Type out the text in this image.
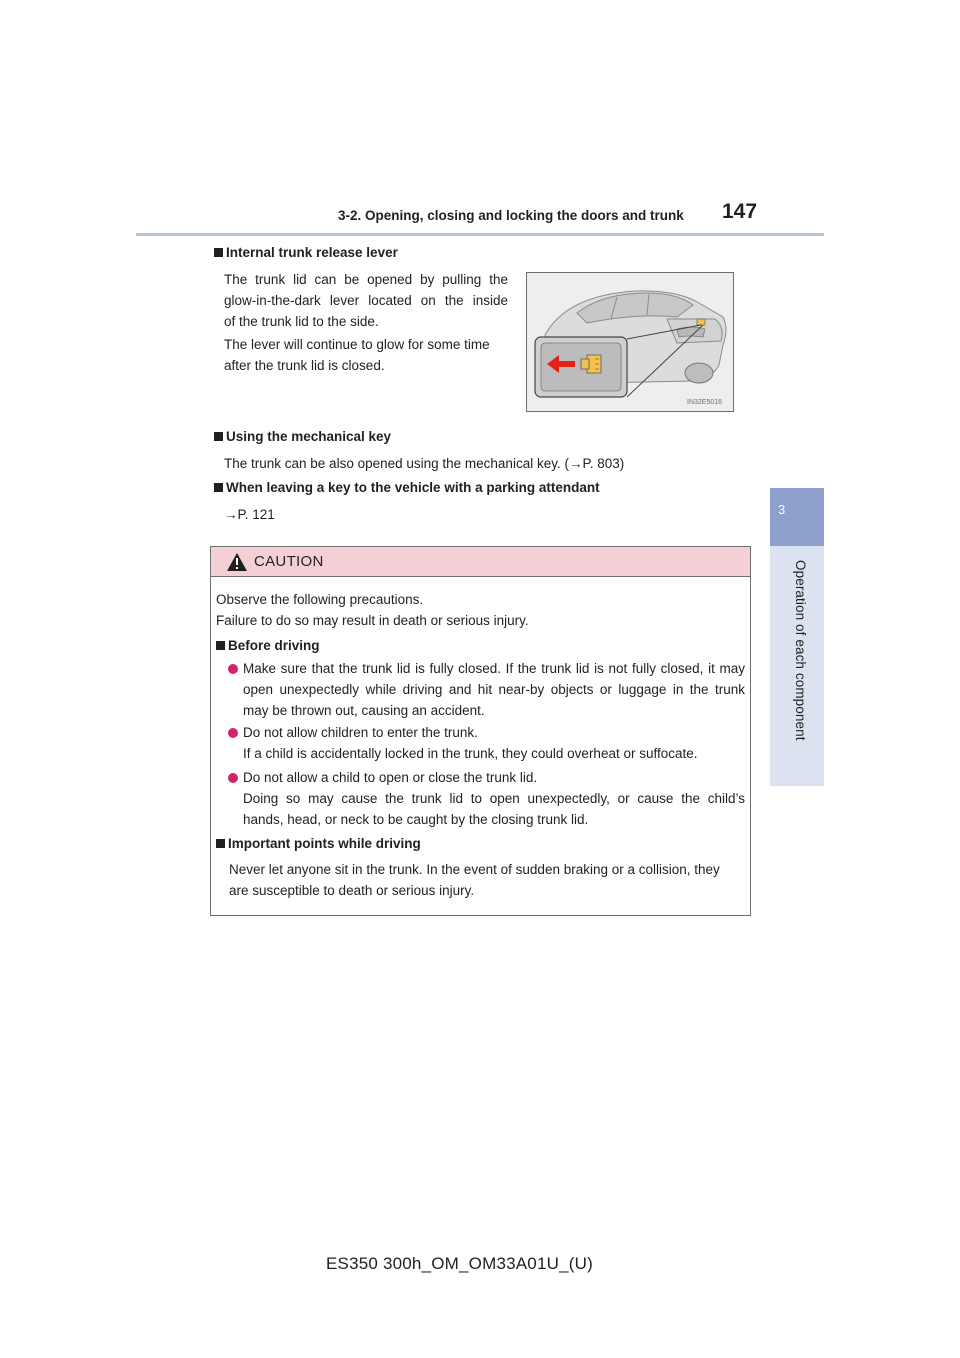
3-2. Opening, closing and locking the doors and trunk 147
3
Operation of each component
Internal trunk release lever
The trunk lid can be opened by pulling the
glow-in-the-dark lever located on the inside
of the trunk lid to the side.
The lever will continue to glow for some time
after the trunk lid is closed.
IN32E5016
Using the mechanical key
The trunk can be also opened using the mechanical key. (→P. 803)
When leaving a key to the vehicle with a parking attendant
→P. 121
CAUTION
Observe the following precautions.
Failure to do so may result in death or serious injury.
Before driving
Make sure that the trunk lid is fully closed. If the trunk lid is not fully closed, it may
open unexpectedly while driving and hit near-by objects or luggage in the trunk
may be thrown out, causing an accident.
Do not allow children to enter the trunk.
If a child is accidentally locked in the trunk, they could overheat or suffocate.
Do not allow a child to open or close the trunk lid.
Doing so may cause the trunk lid to open unexpectedly, or cause the child’s
hands, head, or neck to be caught by the closing trunk lid.
Important points while driving
Never let anyone sit in the trunk. In the event of sudden braking or a collision, they
are susceptible to death or serious injury.
ES350 300h_OM_OM33A01U_(U)
